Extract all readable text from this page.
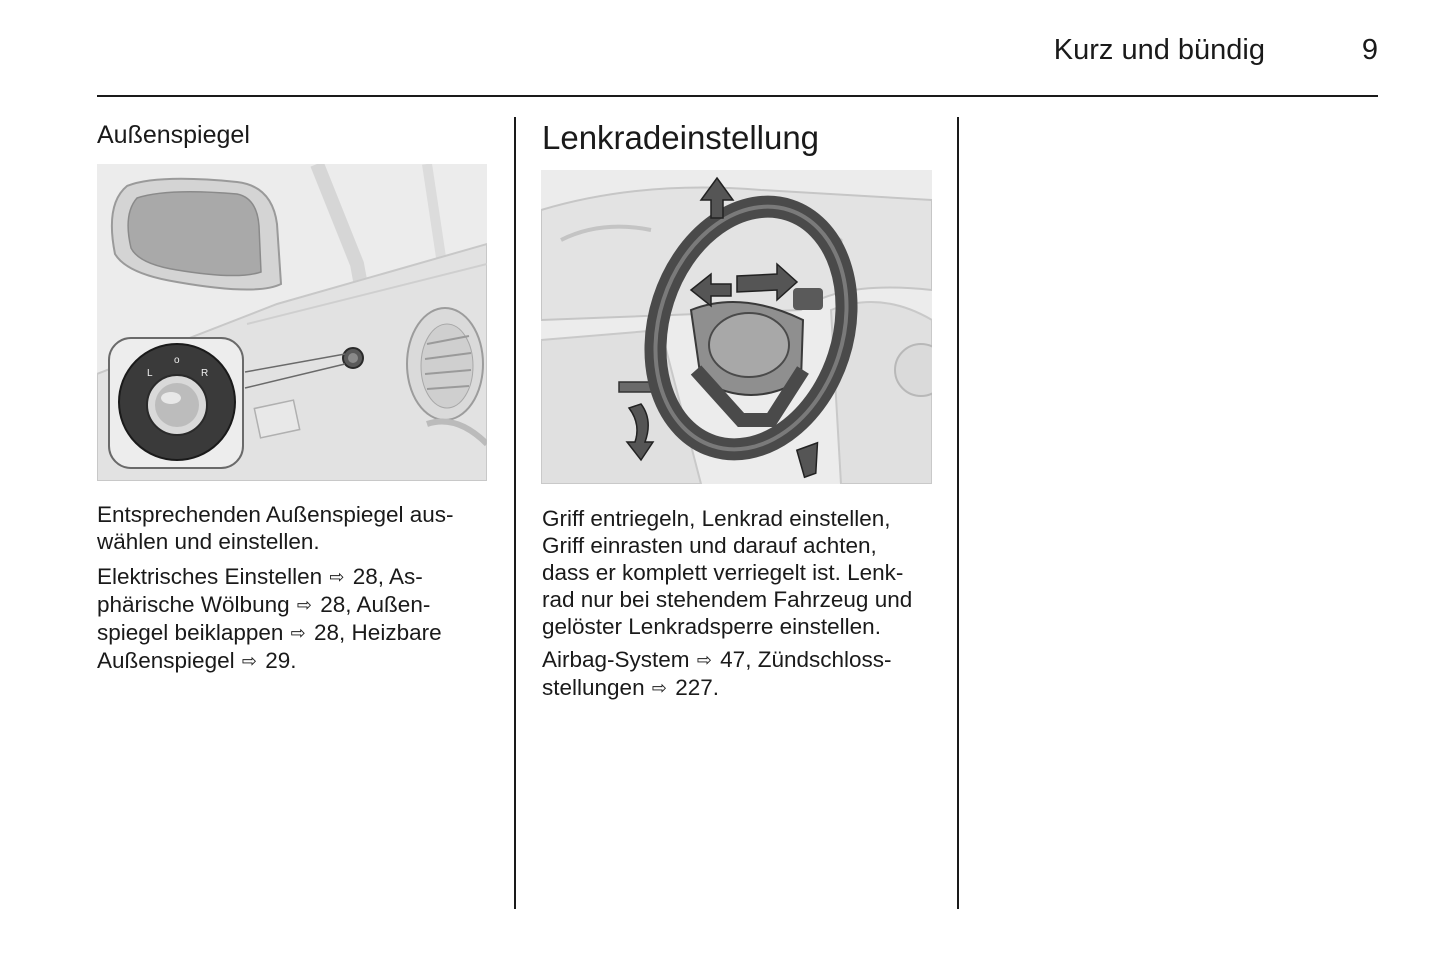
Kurz und bündig	9
Außenspiegel
L
o
R
Entsprechenden Außenspiegel aus-
wählen und einstellen.
Elektrisches Einstellen ⇨ 28, As-
phärische Wölbung ⇨ 28, Außen-
spiegel beiklappen ⇨ 28, Heizbare
Außenspiegel ⇨ 29.
Lenkradeinstellung
Griff entriegeln, Lenkrad einstellen,
Griff einrasten und darauf achten,
dass er komplett verriegelt ist. Lenk-
rad nur bei stehendem Fahrzeug und
gelöster Lenkradsperre einstellen.
Airbag-System ⇨ 47, Zündschloss-
stellungen ⇨ 227.
